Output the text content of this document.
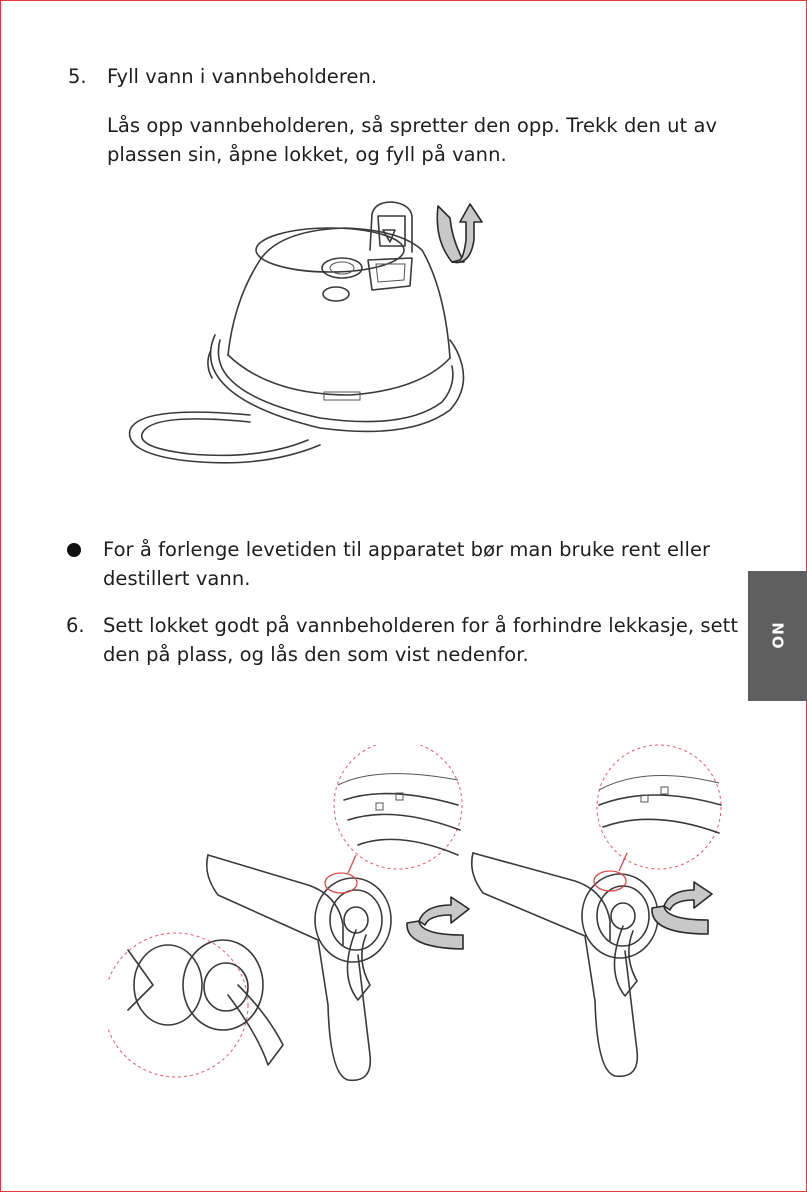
5. Fyll vann i vannbeholderen.
Lås opp vannbeholderen, så spretter den opp. Trekk den ut av
plassen sin, åpne lokket, og fyll på vann.
For å forlenge levetiden til apparatet bør man bruke rent eller
destillert vann.
6. Sett lokket godt på vannbeholderen for å forhindre lekkasje, sett
den på plass, og lås den som vist nedenfor.
NO
